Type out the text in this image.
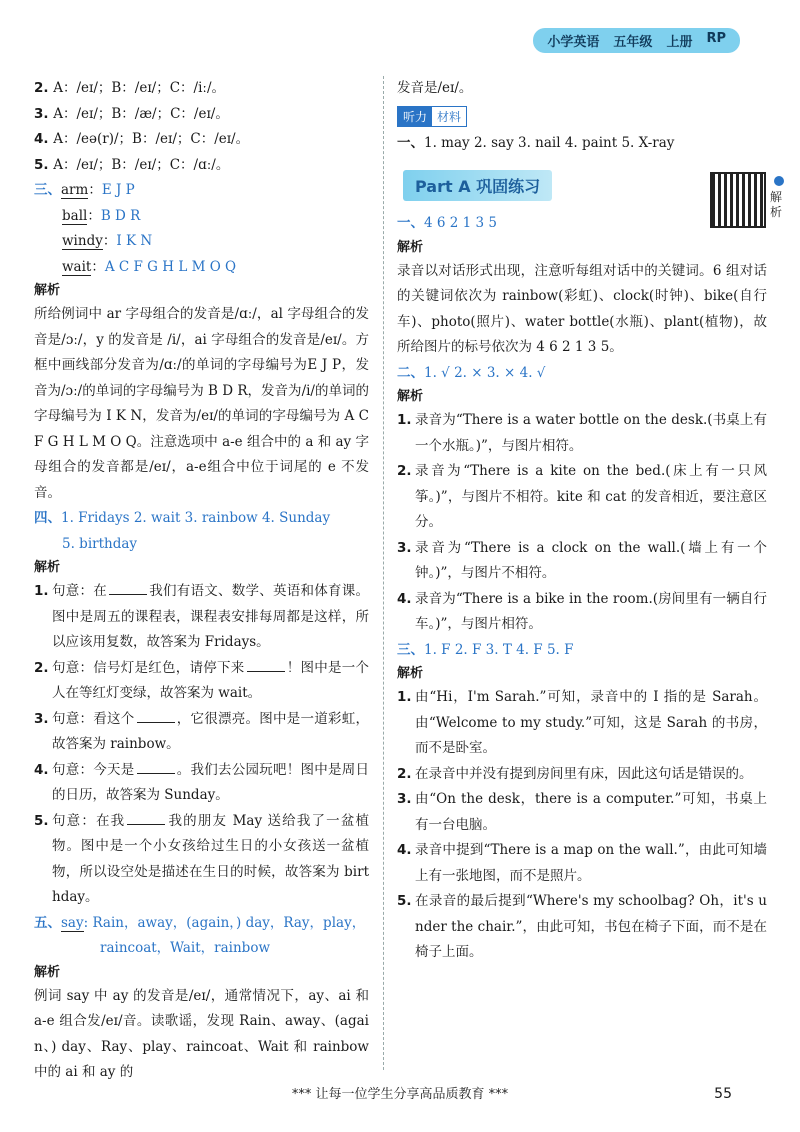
小学英语 五年级 上册 RP
2. A：/eɪ/；B：/eɪ/；C：/iː/。
3. A：/eɪ/；B：/æ/；C：/eɪ/。
4. A：/eə(r)/；B：/eɪ/；C：/eɪ/。
5. A：/eɪ/；B：/eɪ/；C：/ɑː/。
三、arm：E J P
ball：B D R
windy：I K N
wait：A C F G H L M O Q
解析
所给例词中 ar 字母组合的发音是/ɑː/，al 字母组合的发音是/ɔː/，y 的发音是 /i/，ai 字母组合的发音是/eɪ/。方框中画线部分发音为/ɑː/的单词的字母编号为E J P，发音为/ɔː/的单词的字母编号为 B D R，发音为/i/的单词的字母编号为 I K N，发音为/eɪ/的单词的字母编号为 A C F G H L M O Q。注意选项中 a-e 组合中的 a 和 ay 字母组合的发音都是/eɪ/，a-e组合中位于词尾的 e 不发音。
四、1. Fridays 2. wait 3. rainbow 4. Sunday
5. birthday
解析
1. 句意：在	我们有语文、数学、英语和体育课。图中是周五的课程表，课程表安排每周都是这样，所以应该用复数，故答案为 Fridays。
2. 句意：信号灯是红色，请停下来	！图中是一个人在等红灯变绿，故答案为 wait。
3. 句意：看这个	，它很漂亮。图中是一道彩虹，故答案为 rainbow。
4. 句意：今天是	。我们去公园玩吧！图中是周日的日历，故答案为 Sunday。
5. 句意：在我	我的朋友 May 送给我了一盆植物。图中是一个小女孩给过生日的小女孩送一盆植物，所以设空处是描述在生日的时候，故答案为 birthday。
五、say: Rain，away，(again，) day，Ray，play，
raincoat，Wait，rainbow
解析
例词 say 中 ay 的发音是/eɪ/，通常情况下，ay、ai 和 a-e 组合发/eɪ/音。读歌谣，发现 Rain、away、(again、) day、Ray、play、raincoat、Wait 和 rainbow 中的 ai 和 ay 的
发音是/eɪ/。
听力 材料
一、1. may 2. say 3. nail 4. paint 5. X-ray
Part A 巩固练习
一、4 6 2 1 3 5
解析
录音以对话形式出现，注意听每组对话中的关键词。6 组对话的关键词依次为 rainbow(彩虹)、clock(时钟)、bike(自行车)、photo(照片)、water bottle(水瓶)、plant(植物)，故所给图片的标号依次为 4 6 2 1 3 5。
二、1. √ 2. × 3. × 4. √
解析
1. 录音为“There is a water bottle on the desk.(书桌上有一个水瓶。)”，与图片相符。
2. 录音为“There is a kite on the bed.(床上有一只风筝。)”，与图片不相符。kite 和 cat 的发音相近，要注意区分。
3. 录音为“There is a clock on the wall.(墙上有一个钟。)”，与图片不相符。
4. 录音为“There is a bike in the room.(房间里有一辆自行车。)”，与图片相符。
三、1. F 2. F 3. T 4. F 5. F
解析
1. 由“Hi，I'm Sarah.”可知，录音中的 I 指的是 Sarah。由“Welcome to my study.”可知，这是 Sarah 的书房，而不是卧室。
2. 在录音中并没有提到房间里有床，因此这句话是错误的。
3. 由“On the desk，there is a computer.”可知，书桌上有一台电脑。
4. 录音中提到“There is a map on the wall.”，由此可知墙上有一张地图，而不是照片。
5. 在录音的最后提到“Where's my schoolbag? Oh，it's under the chair.”，由此可知，书包在椅子下面，而不是在椅子上面。
解析
*** 让每一位学生分享高品质教育 ***	55
